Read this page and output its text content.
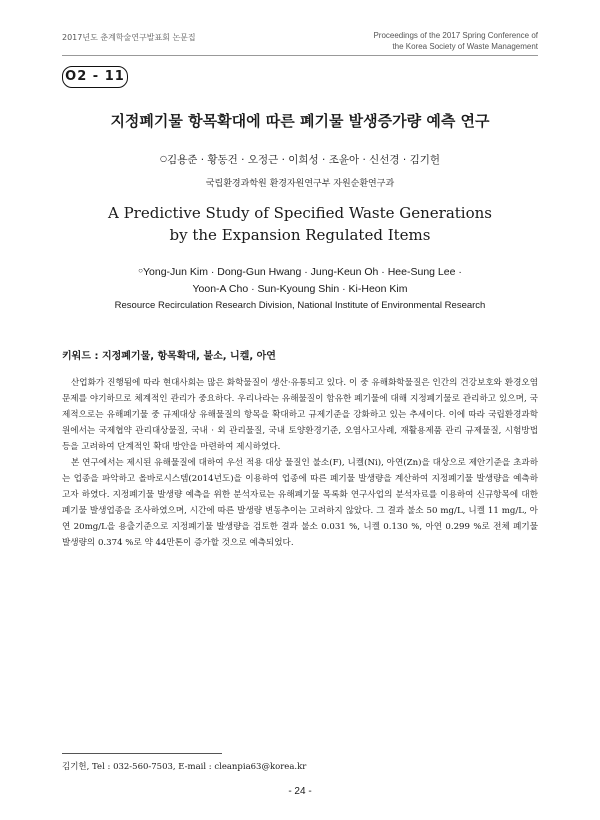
2017년도 춘계학술연구발표회 논문집	Proceedings of the 2017 Spring Conference of
the Korea Society of Waste Management
O2 - 11
지정폐기물 항목확대에 따른 폐기물 발생증가량 예측 연구
○김용준 · 황동건 · 오정근 · 이희성 · 조윤아 · 신선경 · 김기헌
국립환경과학원 환경자원연구부 자원순환연구과
A Predictive Study of Specified Waste Generations
by the Expansion Regulated Items
○Yong-Jun Kim · Dong-Gun Hwang · Jung-Keun Oh · Hee-Sung Lee ·
Yoon-A Cho · Sun-Kyoung Shin · Ki-Heon Kim
Resource Recirculation Research Division, National Institute of Environmental Research
키워드 : 지정폐기물, 항목확대, 불소, 니켈, 아연

산업화가 진행됨에 따라 현대사회는 많은 화학물질이 생산·유통되고 있다. 이 중 유해화학물질은 인간의 건강보호와 환경오염 문제를 야기하므로 체계적인 관리가 중요하다. 우리나라는 유해물질이 함유한 폐기물에 대해 지정폐기물로 관리하고 있으며, 국제적으로는 유해폐기물 중 규제대상 유해물질의 항목을 확대하고 규제기준을 강화하고 있는 추세이다. 이에 따라 국립환경과학원에서는 국제협약 관리대상물질, 국내 · 외 관리물질, 국내 토양환경기준, 오염사고사례, 재활용제품 관리 규제물질, 시험방법 등을 고려하여 단계적인 확대 방안을 마련하여 제시하였다.

본 연구에서는 제시된 유해물질에 대하여 우선 적용 대상 물질인 불소(F), 니켈(Ni), 아연(Zn)을 대상으로 제안기준을 초과하는 업종을 파악하고 올바로시스템(2014년도)을 이용하여 업종에 따른 폐기물 발생량을 계산하여 지정폐기물 발생량을 예측하고자 하였다. 지정폐기물 발생량 예측을 위한 분석자료는 유해폐기물 목록화 연구사업의 분석자료를 이용하여 신규항목에 대한 폐기물 발생업종을 조사하였으며, 시간에 따른 발생량 변동추이는 고려하지 않았다. 그 결과 불소 50 mg/L, 니켈 11 mg/L, 아연 20mg/L을 용출기준으로 지정폐기물 발생량을 검토한 결과 불소 0.031 %, 니켈 0.130 %, 아연 0.299 %로 전체 폐기물 발생량의 0.374 %로 약 44만톤이 증가할 것으로 예측되었다.

김기헌, Tel : 032-560-7503, E-mail : cleanpia63@korea.kr
- 24 -
